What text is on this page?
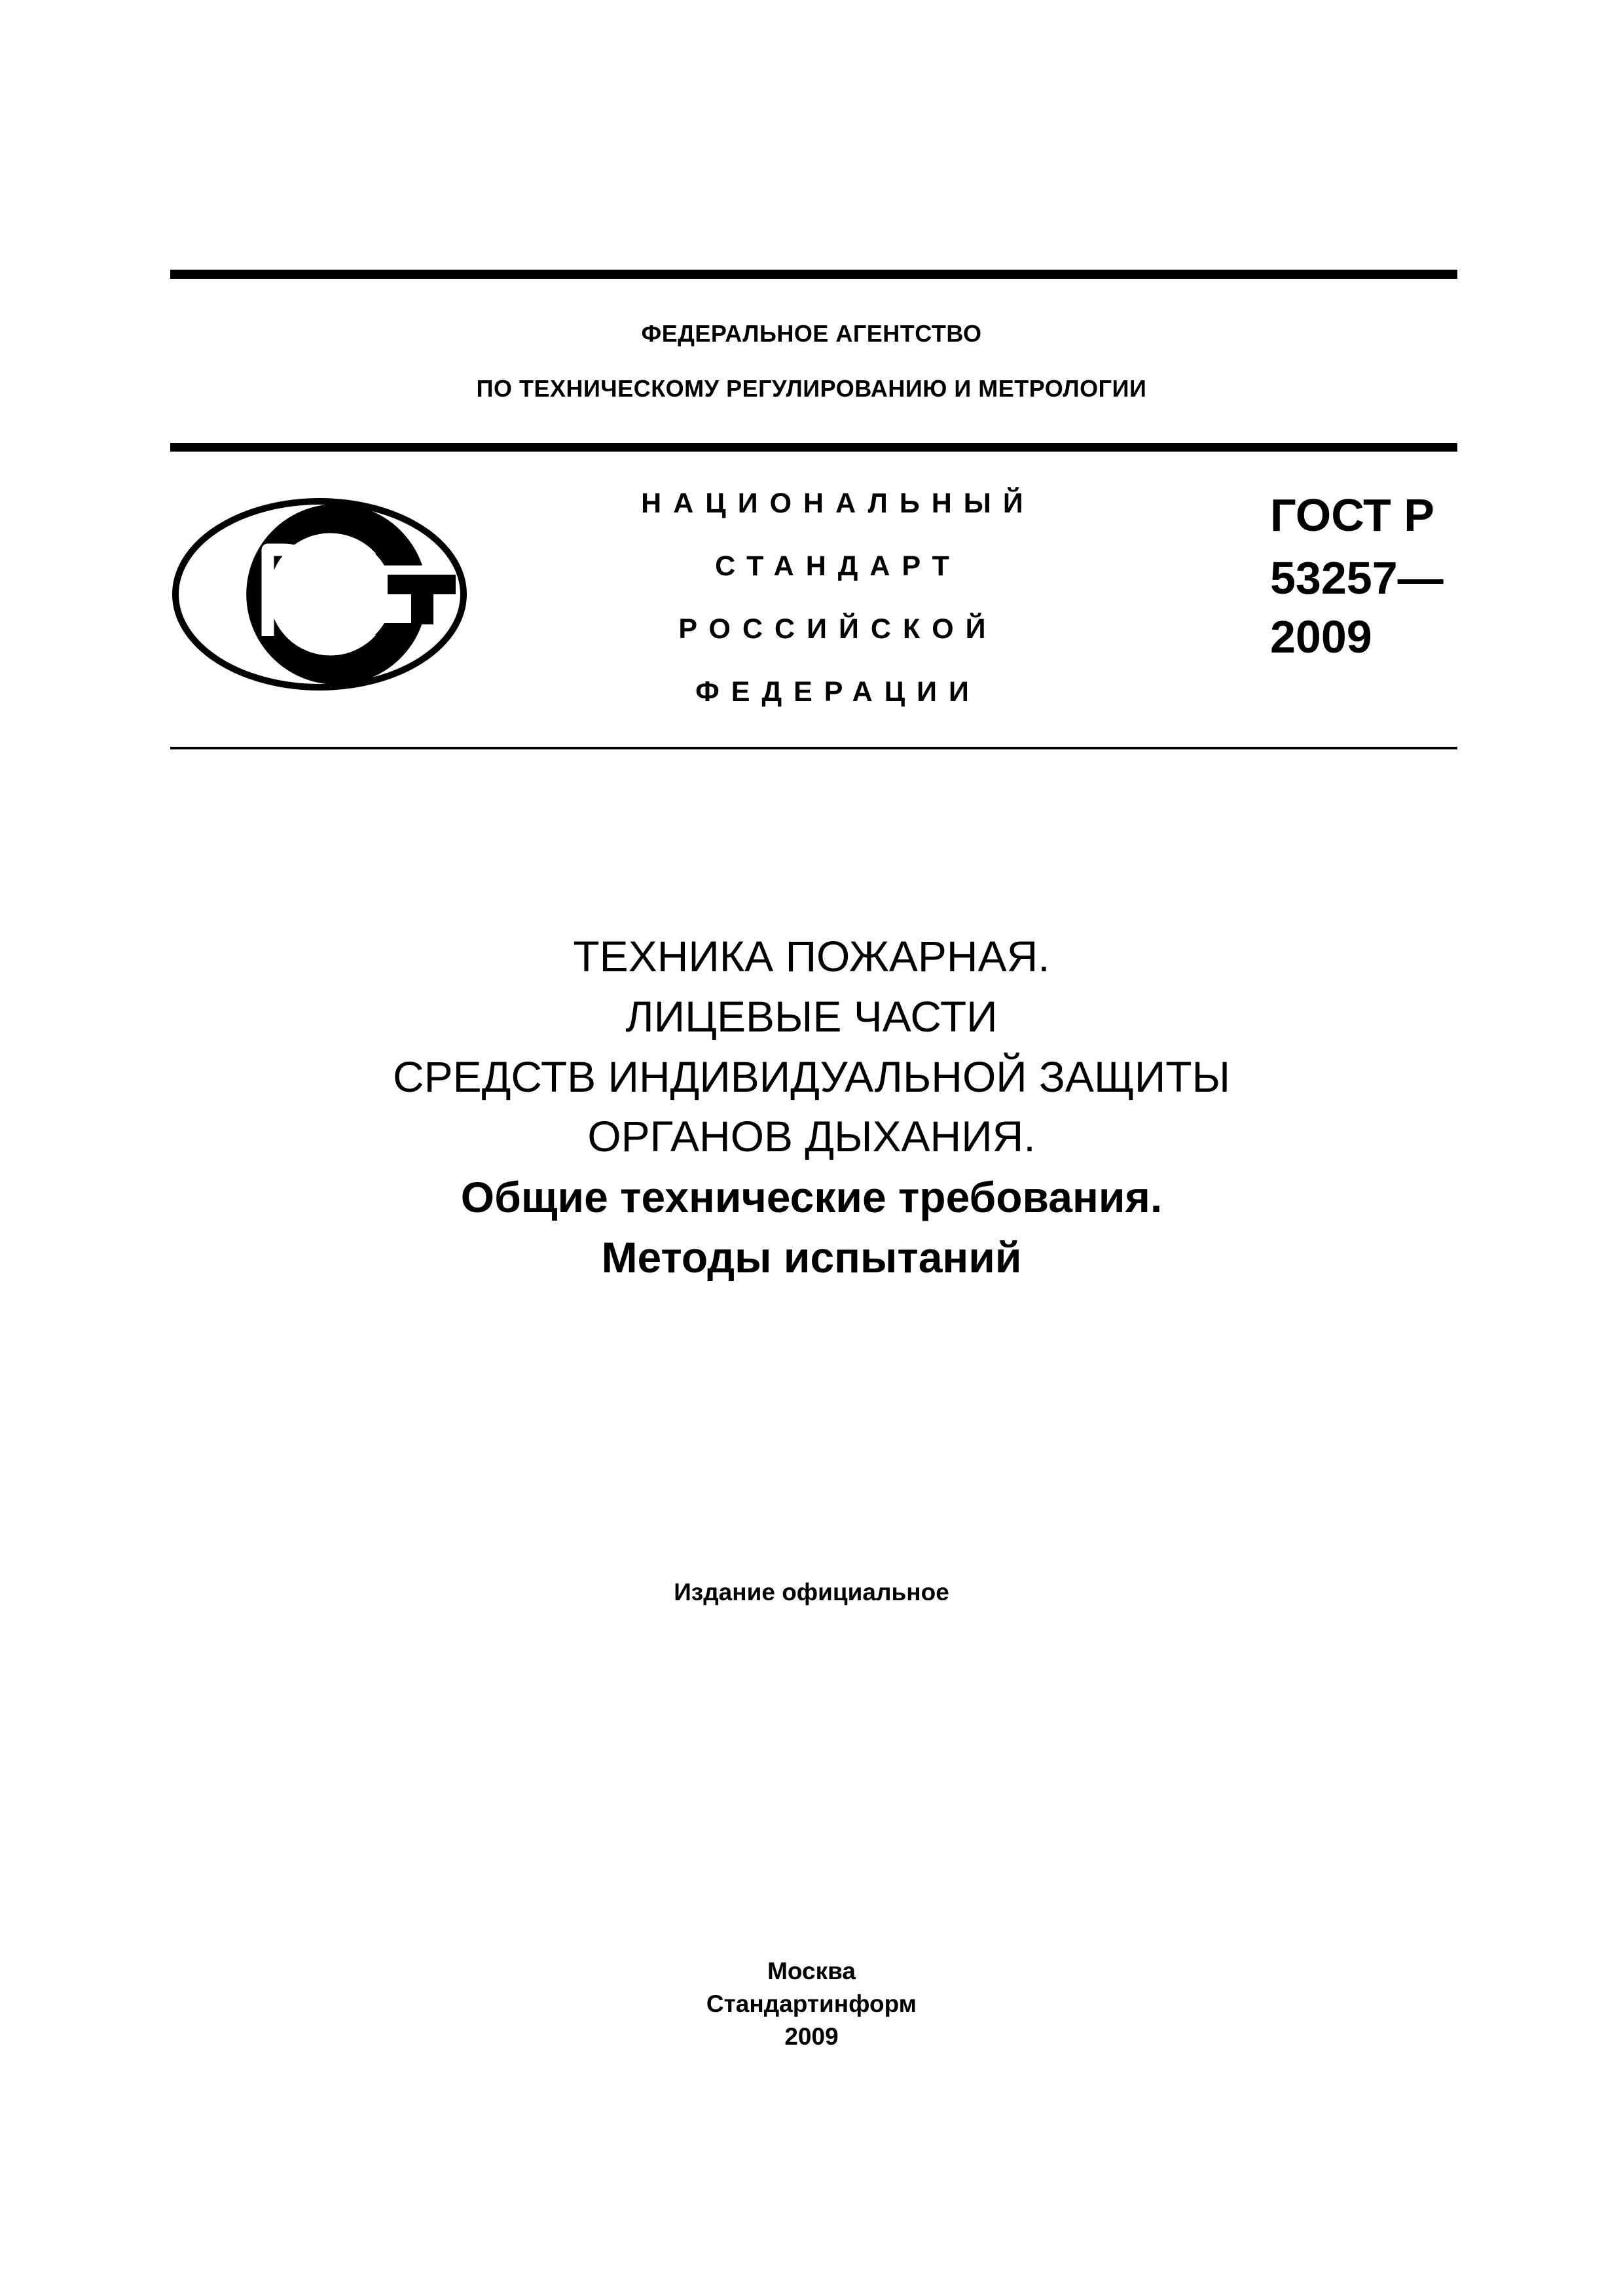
ФЕДЕРАЛЬНОЕ АГЕНТСТВО
ПО ТЕХНИЧЕСКОМУ РЕГУЛИРОВАНИЮ И МЕТРОЛОГИИ
НАЦИОНАЛЬНЫЙ
СТАНДАРТ
РОССИЙСКОЙ
ФЕДЕРАЦИИ
ГОСТ Р
53257—
2009
ТЕХНИКА ПОЖАРНАЯ.
ЛИЦЕВЫЕ ЧАСТИ
СРЕДСТВ ИНДИВИДУАЛЬНОЙ ЗАЩИТЫ
ОРГАНОВ ДЫХАНИЯ.
Общие технические требования.
Методы испытаний
Издание официальное
Москва
Стандартинформ
2009
